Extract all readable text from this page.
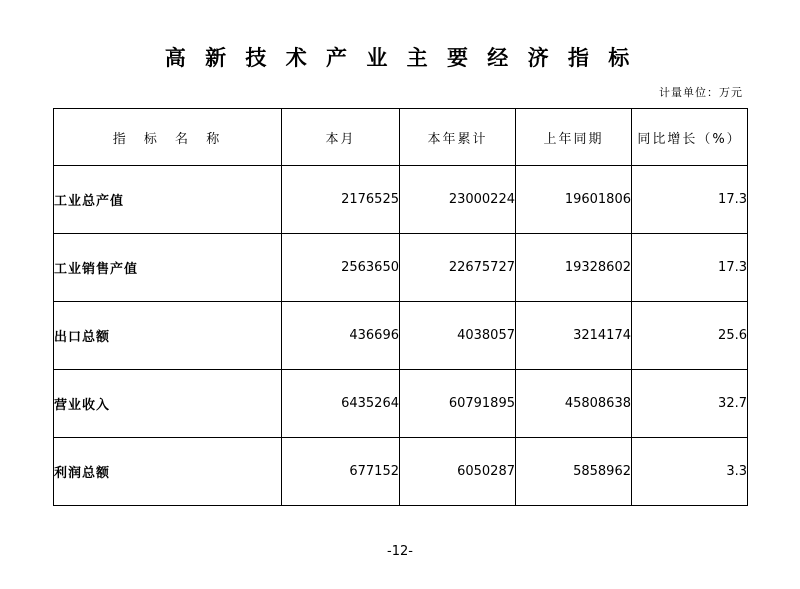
高 新 技 术 产 业 主 要 经 济 指 标
计量单位：万元
指 标 名 称	本月	本年累计	上年同期	同比增长（%）
工业总产值	2176525	23000224	19601806	17.3
工业销售产值	2563650	22675727	19328602	17.3
出口总额	436696	4038057	3214174	25.6
营业收入	6435264	60791895	45808638	32.7
利润总额	677152	6050287	5858962	3.3
-12-
